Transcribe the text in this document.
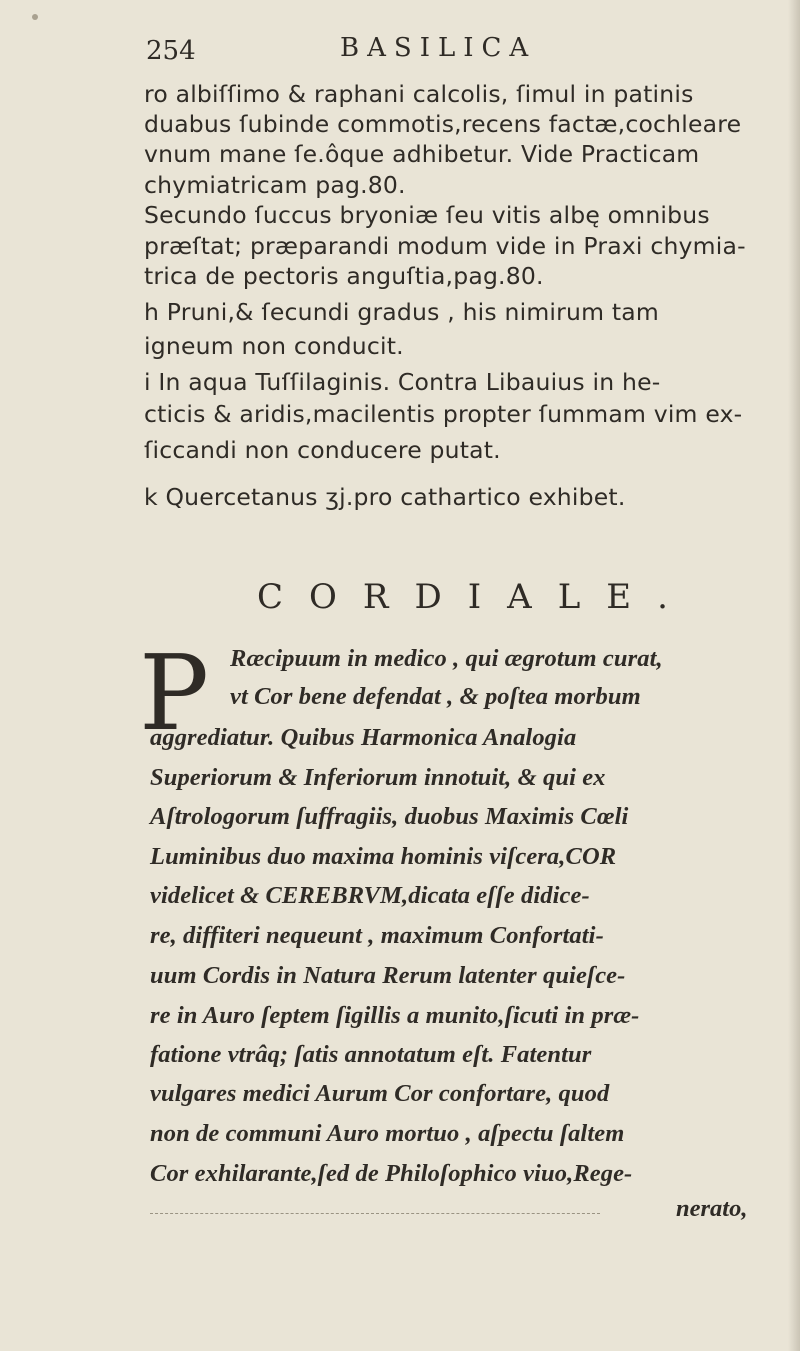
254	BASILICA
ro albiſſimo & raphani calcolis, ſimul in patinis
duabus ſubinde commotis,recens factæ,cochleare
vnum mane ſe.ôque adhibetur. Vide Practicam
chymiatricam pag.80.
Secundo ſuccus bryoniæ ſeu vitis albę omnibus
præſtat; præparandi modum vide in Praxi chymia-
trica de pectoris anguſtia,pag.80.
h Pruni,& ſecundi gradus , his nimirum tam
igneum non conducit.
i In aqua Tuſſilaginis. Contra Libauius in he-
cticis & aridis,macilentis propter ſummam vim ex-
ſiccandi non conducere putat.
k Quercetanus ʒj.pro cathartico exhibet.
CORDIALE.
P Ræcipuum in medico , qui ægrotum curat,
vt Cor bene defendat , & poſtea morbum
aggrediatur. Quibus Harmonica Analogia
Superiorum & Inferiorum innotuit, & qui ex
Aſtrologorum ſuffragiis, duobus Maximis Cœli
Luminibus duo maxima hominis viſcera,COR
videlicet & CEREBRVM,dicata eſſe didice-
re, diffiteri nequeunt , maximum Confortati-
uum Cordis in Natura Rerum latenter quieſce-
re in Auro ſeptem ſigillis a munito,ſicuti in præ-
fatione vtrâq; ſatis annotatum eſt. Fatentur
vulgares medici Aurum Cor confortare, quod
non de communi Auro mortuo , aſpectu ſaltem
Cor exhilarante,ſed de Philoſophico viuo,Rege-
nerato,
